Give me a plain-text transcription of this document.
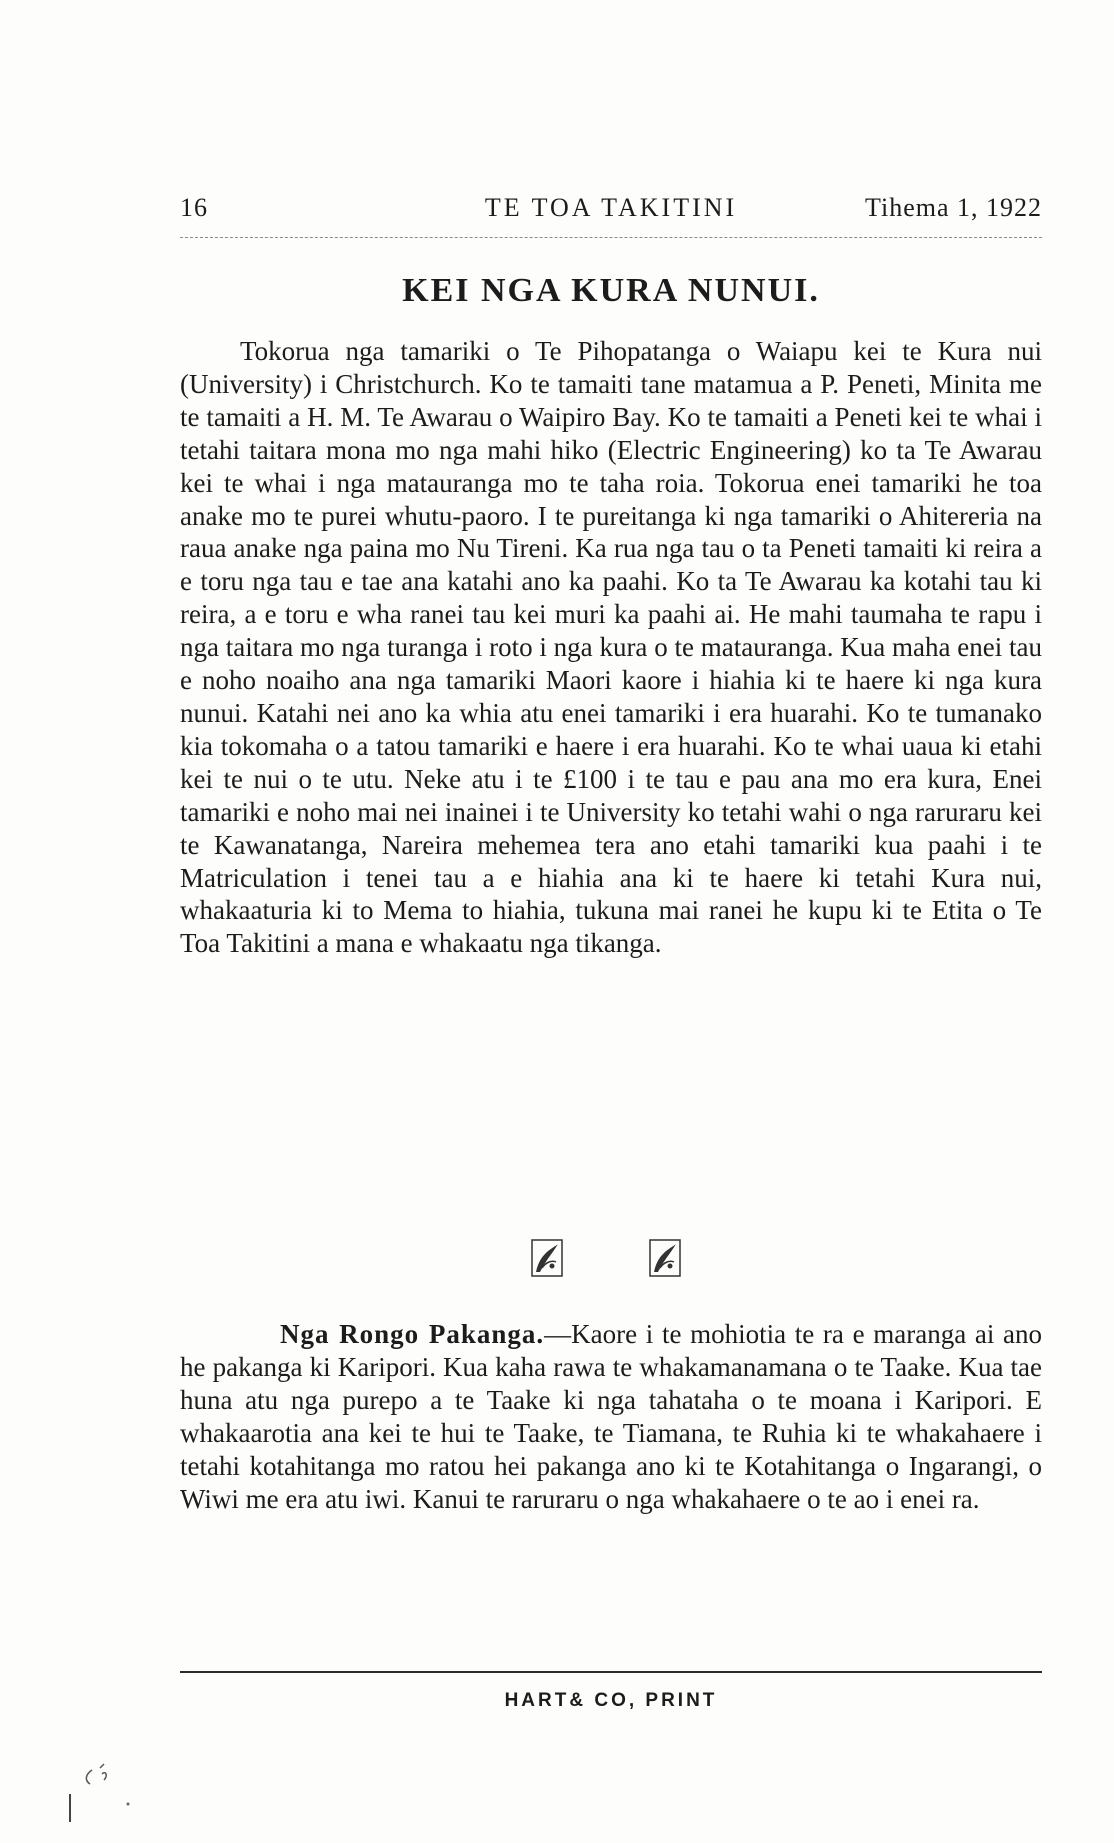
16	TE TOA TAKITINI	Tihema 1, 1922
KEI NGA KURA NUNUI.

Tokorua nga tamariki o Te Pihopatanga o Waiapu kei te Kura nui (University) i Christchurch. Ko te tamaiti tane matamua a P. Peneti, Minita me te tamaiti a H. M. Te Awarau o Waipiro Bay. Ko te tamaiti a Peneti kei te whai i tetahi taitara mona mo nga mahi hiko (Electric Engineering) ko ta Te Awarau kei te whai i nga matauranga mo te taha roia. Tokorua enei tamariki he toa anake mo te purei whutu-paoro. I te pureitanga ki nga tamariki o Ahitereria na raua anake nga paina mo Nu Tireni. Ka rua nga tau o ta Peneti tamaiti ki reira a e toru nga tau e tae ana katahi ano ka paahi. Ko ta Te Awarau ka kotahi tau ki reira, a e toru e wha ranei tau kei muri ka paahi ai. He mahi taumaha te rapu i nga taitara mo nga turanga i roto i nga kura o te matauranga. Kua maha enei tau e noho noaiho ana nga tamariki Maori kaore i hiahia ki te haere ki nga kura nunui. Katahi nei ano ka whia atu enei tamariki i era huarahi. Ko te tumanako kia tokomaha o a tatou tamariki e haere i era huarahi. Ko te whai uaua ki etahi kei te nui o te utu. Neke atu i te £100 i te tau e pau ana mo era kura, Enei tamariki e noho mai nei inainei i te University ko tetahi wahi o nga raruraru kei te Kawanatanga, Nareira mehemea tera ano etahi tamariki kua paahi i te Matriculation i tenei tau a e hiahia ana ki te haere ki tetahi Kura nui, whakaaturia ki to Mema to hiahia, tukuna mai ranei he kupu ki te Etita o Te Toa Takitini a mana e whakaatu nga tikanga.

Nga Rongo Pakanga.—Kaore i te mohiotia te ra e maranga ai ano he pakanga ki Karipori. Kua kaha rawa te whakamanamana o te Taake. Kua tae huna atu nga purepo a te Taake ki nga tahataha o te moana i Karipori. E whakaarotia ana kei te hui te Taake, te Tiamana, te Ruhia ki te whakahaere i tetahi kotahitanga mo ratou hei pakanga ano ki te Kotahitanga o Ingarangi, o Wiwi me era atu iwi. Kanui te raruraru o nga whakahaere o te ao i enei ra.

HART& CO, PRINT
